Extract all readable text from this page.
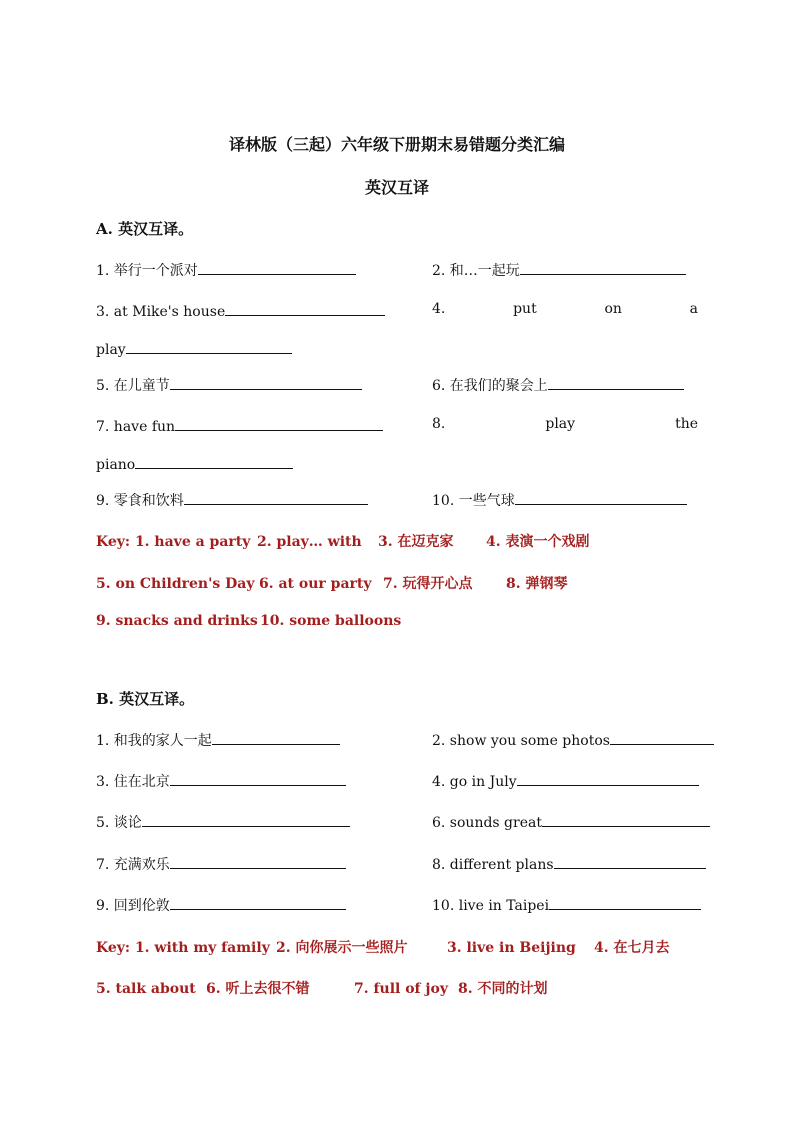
译林版（三起）六年级下册期末易错题分类汇编
英汉互译
A. 英汉互译。
1. 举行一个派对	2. 和…一起玩
3. at Mike's house	4.	put	on	a
play
5. 在儿童节	6. 在我们的聚会上
7. have fun	8.	play	the
piano
9. 零食和饮料	10. 一些气球
Key: 1. have a party 2. play… with 3. 在迈克家 4. 表演一个戏剧
5. on Children's Day 6. at our party 7. 玩得开心点 8. 弹钢琴
9. snacks and drinks 10. some balloons
B. 英汉互译。
1. 和我的家人一起	2. show you some photos
3. 住在北京	4. go in July
5. 谈论	6. sounds great
7. 充满欢乐	8. different plans
9. 回到伦敦	10. live in Taipei
Key: 1. with my family 2. 向你展示一些照片	3. live in Beijing 4. 在七月去
5. talk about 6. 听上去很不错	7. full of joy 8. 不同的计划
